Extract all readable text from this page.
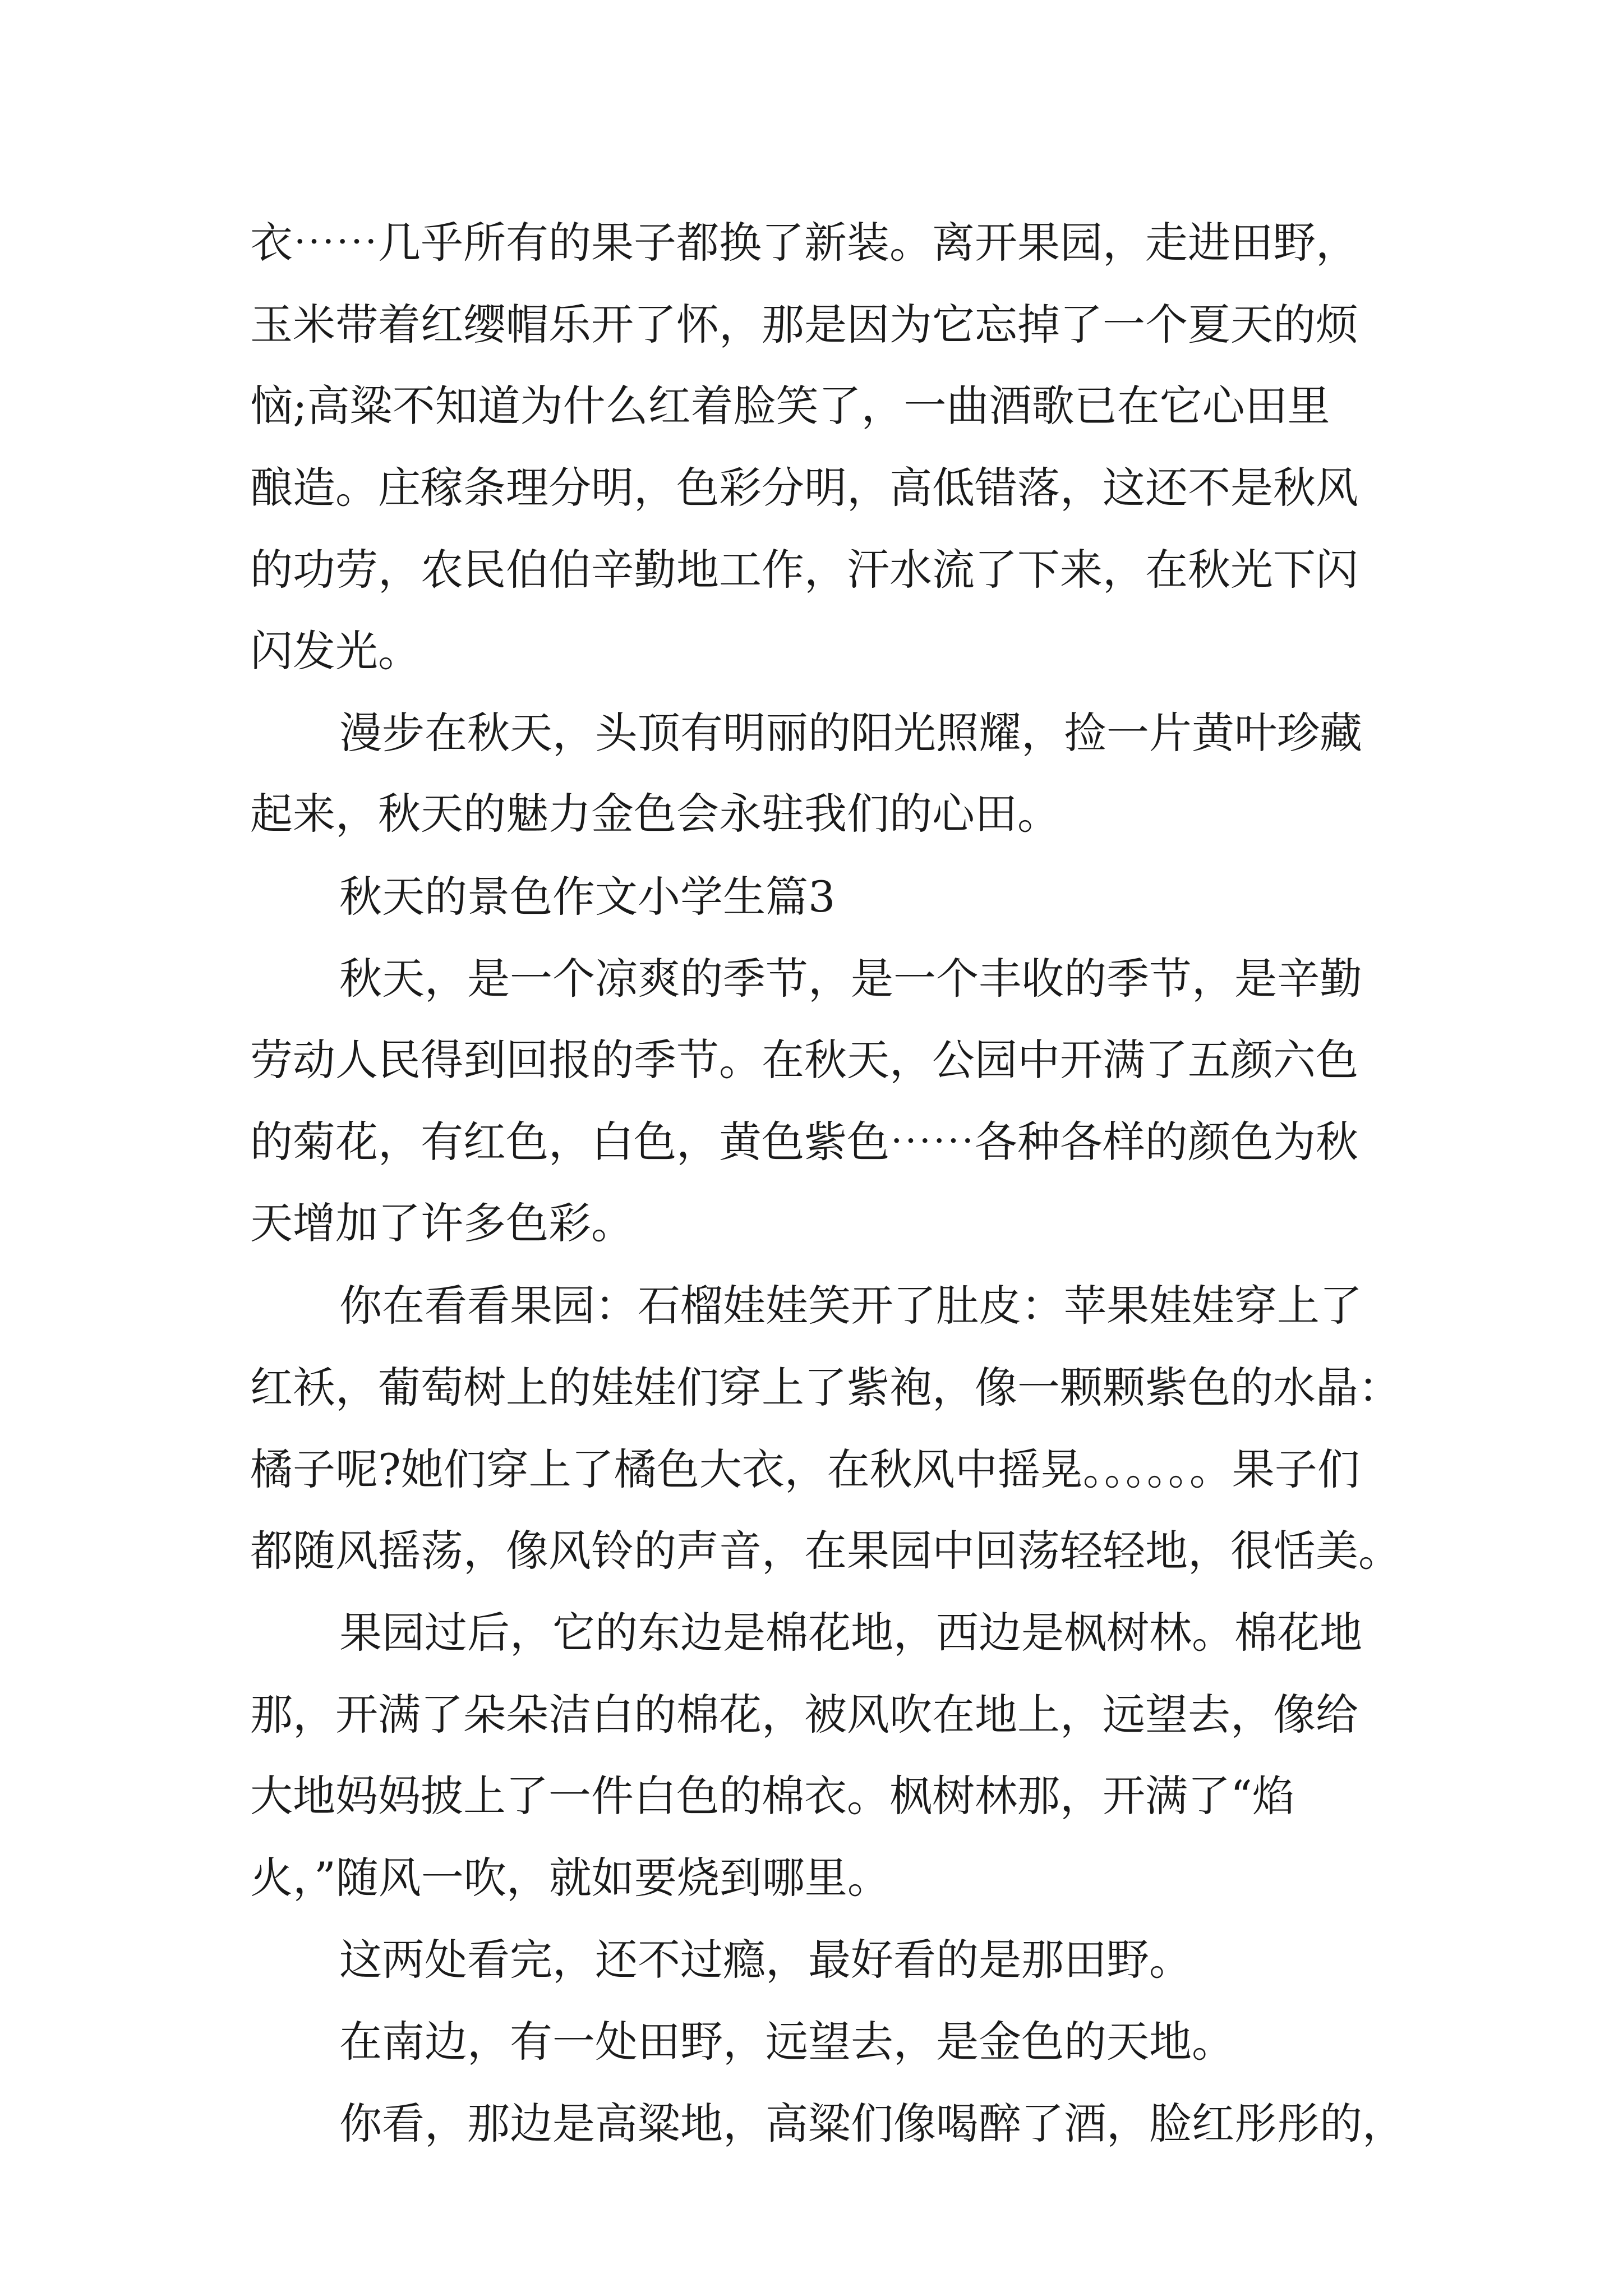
衣⋯⋯几乎所有的果子都换了新装。离开果园，走进田野，
玉米带着红缨帽乐开了怀，那是因为它忘掉了一个夏天的烦
恼;高粱不知道为什么红着脸笑了，一曲酒歌已在它心田里
酿造。庄稼条理分明，色彩分明，高低错落，这还不是秋风
的功劳，农民伯伯辛勤地工作，汗水流了下来，在秋光下闪
闪发光。
漫步在秋天，头顶有明丽的阳光照耀，捡一片黄叶珍藏
起来，秋天的魅力金色会永驻我们的心田。
秋天的景色作文小学生篇3
秋天，是一个凉爽的季节，是一个丰收的季节，是辛勤
劳动人民得到回报的季节。在秋天，公园中开满了五颜六色
的菊花，有红色，白色，黄色紫色⋯⋯各种各样的颜色为秋
天增加了许多色彩。
你在看看果园：石榴娃娃笑开了肚皮：苹果娃娃穿上了
红袄，葡萄树上的娃娃们穿上了紫袍，像一颗颗紫色的水晶：
橘子呢?她们穿上了橘色大衣，在秋风中摇晃。。。。。。果子们
都随风摇荡，像风铃的声音，在果园中回荡轻轻地，很恬美。
果园过后，它的东边是棉花地，西边是枫树林。棉花地
那，开满了朵朵洁白的棉花，被风吹在地上，远望去，像给
大地妈妈披上了一件白色的棉衣。枫树林那，开满了“焰
火，”随风一吹，就如要烧到哪里。
这两处看完，还不过瘾，最好看的是那田野。
在南边，有一处田野，远望去，是金色的天地。
你看，那边是高粱地，高粱们像喝醉了酒，脸红彤彤的，
